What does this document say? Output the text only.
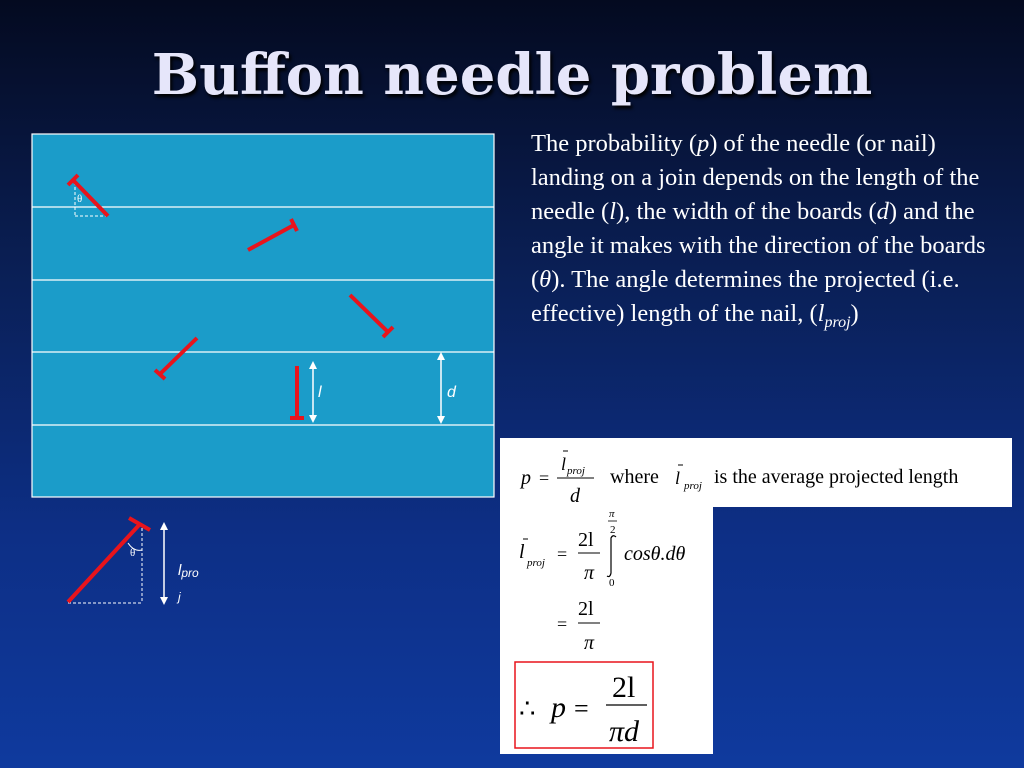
Buffon needle problem
θ
l	d
θ
lpro
j
The probability (p) of the needle (or nail) landing on a join depends on the length of the needle (l), the width of the boards (d) and the angle it makes with the direction of the boards (θ). The angle determines the projected (i.e. effective) length of the nail, $(l_{proj})$
p =
l proj
d
where l proj is the average projected length
l proj =
2l
π
π
2
0
cosθ.dθ
=
2l
π
∴ p =
2l
πd
